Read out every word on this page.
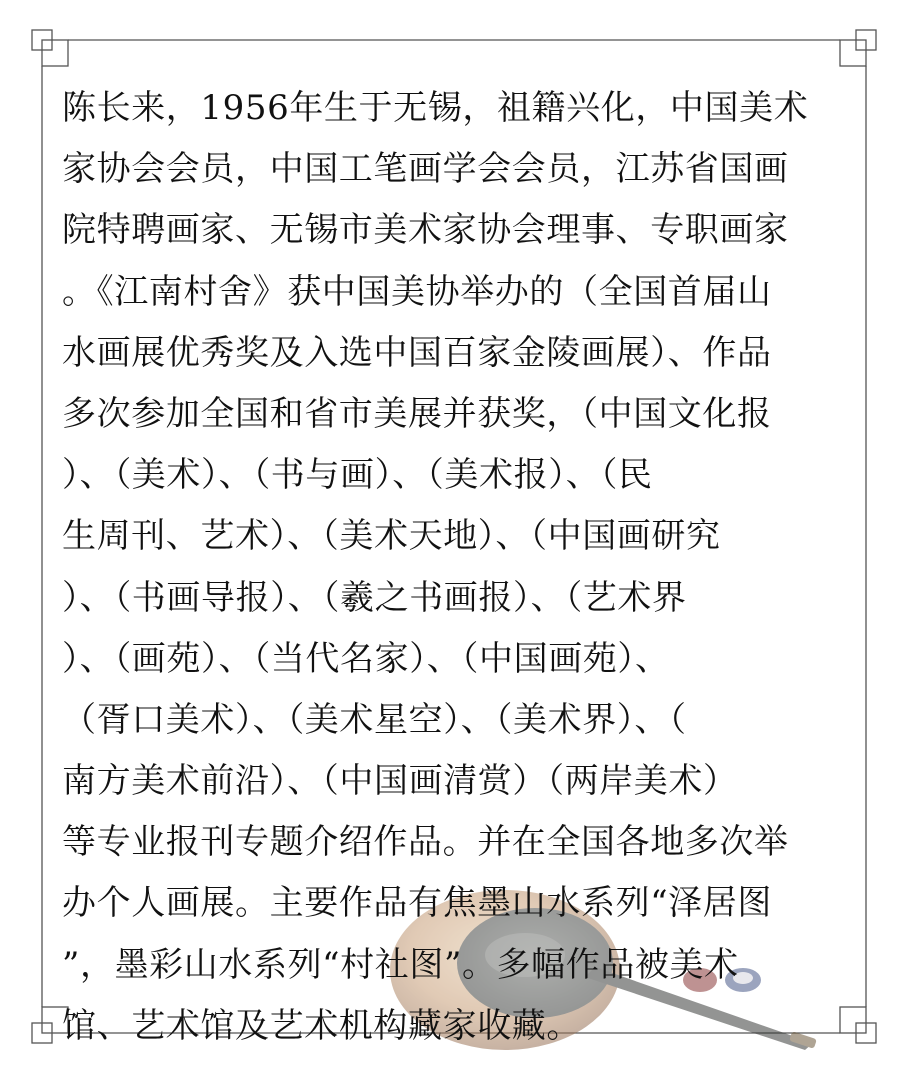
陈长来，1956年生于无锡，祖籍兴化，中国美术
家协会会员，中国工笔画学会会员，江苏省国画
院特聘画家、无锡市美术家协会理事、专职画家
。《江南村舍》获中国美协举办的（全国首届山
水画展优秀奖及入选中国百家金陵画展）、作品
多次参加全国和省市美展并获奖，（中国文化报
）、（美术）、（书与画）、（美术报）、（民
生周刊、艺术）、（美术天地）、（中国画研究
）、（书画导报）、（羲之书画报）、（艺术界
）、（画苑）、（当代名家）、（中国画苑）、
（胥口美术）、（美术星空）、（美术界）、（
南方美术前沿）、（中国画清赏）（两岸美术）
等专业报刊专题介绍作品。并在全国各地多次举
办个人画展。主要作品有焦墨山水系列“泽居图
”，墨彩山水系列“村社图”。多幅作品被美术
馆、艺术馆及艺术机构藏家收藏。
